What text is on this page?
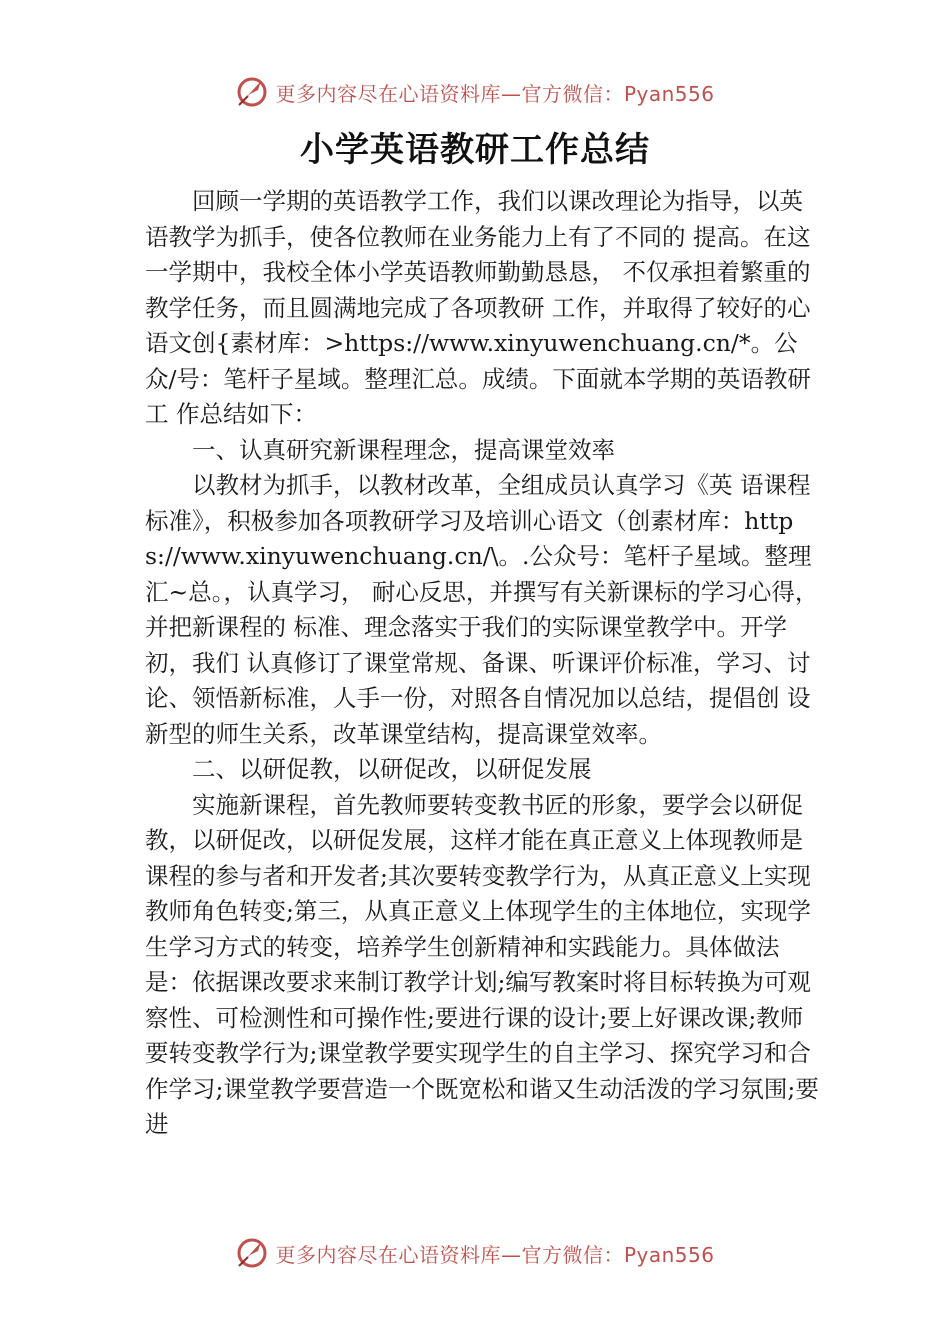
更多内容尽在心语资料库—官方微信：Pyan556
小学英语教研工作总结

回顾一学期的英语教学工作，我们以课改理论为指导，以英语教学为抓手，使各位教师在业务能力上有了不同的 提高。在这一学期中，我校全体小学英语教师勤勤恳恳， 不仅承担着繁重的教学任务，而且圆满地完成了各项教研 工作，并取得了较好的心语文创{素材库：>https://www.xinyuwenchuang.cn/*。公众/号：笔杆子星域。整理汇总。成绩。下面就本学期的英语教研工 作总结如下：

一、认真研究新课程理念，提高课堂效率

以教材为抓手，以教材改革，全组成员认真学习《英 语课程标准》，积极参加各项教研学习及培训心语文（创素材库：https://www.xinyuwenchuang.cn/\。.公众号：笔杆子星域。整理汇~总。，认真学习， 耐心反思，并撰写有关新课标的学习心得，并把新课程的 标准、理念落实于我们的实际课堂教学中。开学初，我们 认真修订了课堂常规、备课、听课评价标准，学习、讨论、领悟新标准，人手一份，对照各自情况加以总结，提倡创 设新型的师生关系，改革课堂结构，提高课堂效率。

二、以研促教，以研促改，以研促发展

实施新课程，首先教师要转变教书匠的形象，要学会以研促教，以研促改，以研促发展，这样才能在真正意义上体现教师是课程的参与者和开发者;其次要转变教学行为，从真正意义上实现教师角色转变;第三，从真正意义上体现学生的主体地位，实现学生学习方式的转变，培养学生创新精神和实践能力。具体做法是：依据课改要求来制订教学计划;编写教案时将目标转换为可观察性、可检测性和可操作性;要进行课的设计;要上好课改课;教师要转变教学行为;课堂教学要实现学生的自主学习、探究学习和合作学习;课堂教学要营造一个既宽松和谐又生动活泼的学习氛围;要进

更多内容尽在心语资料库—官方微信：Pyan556
